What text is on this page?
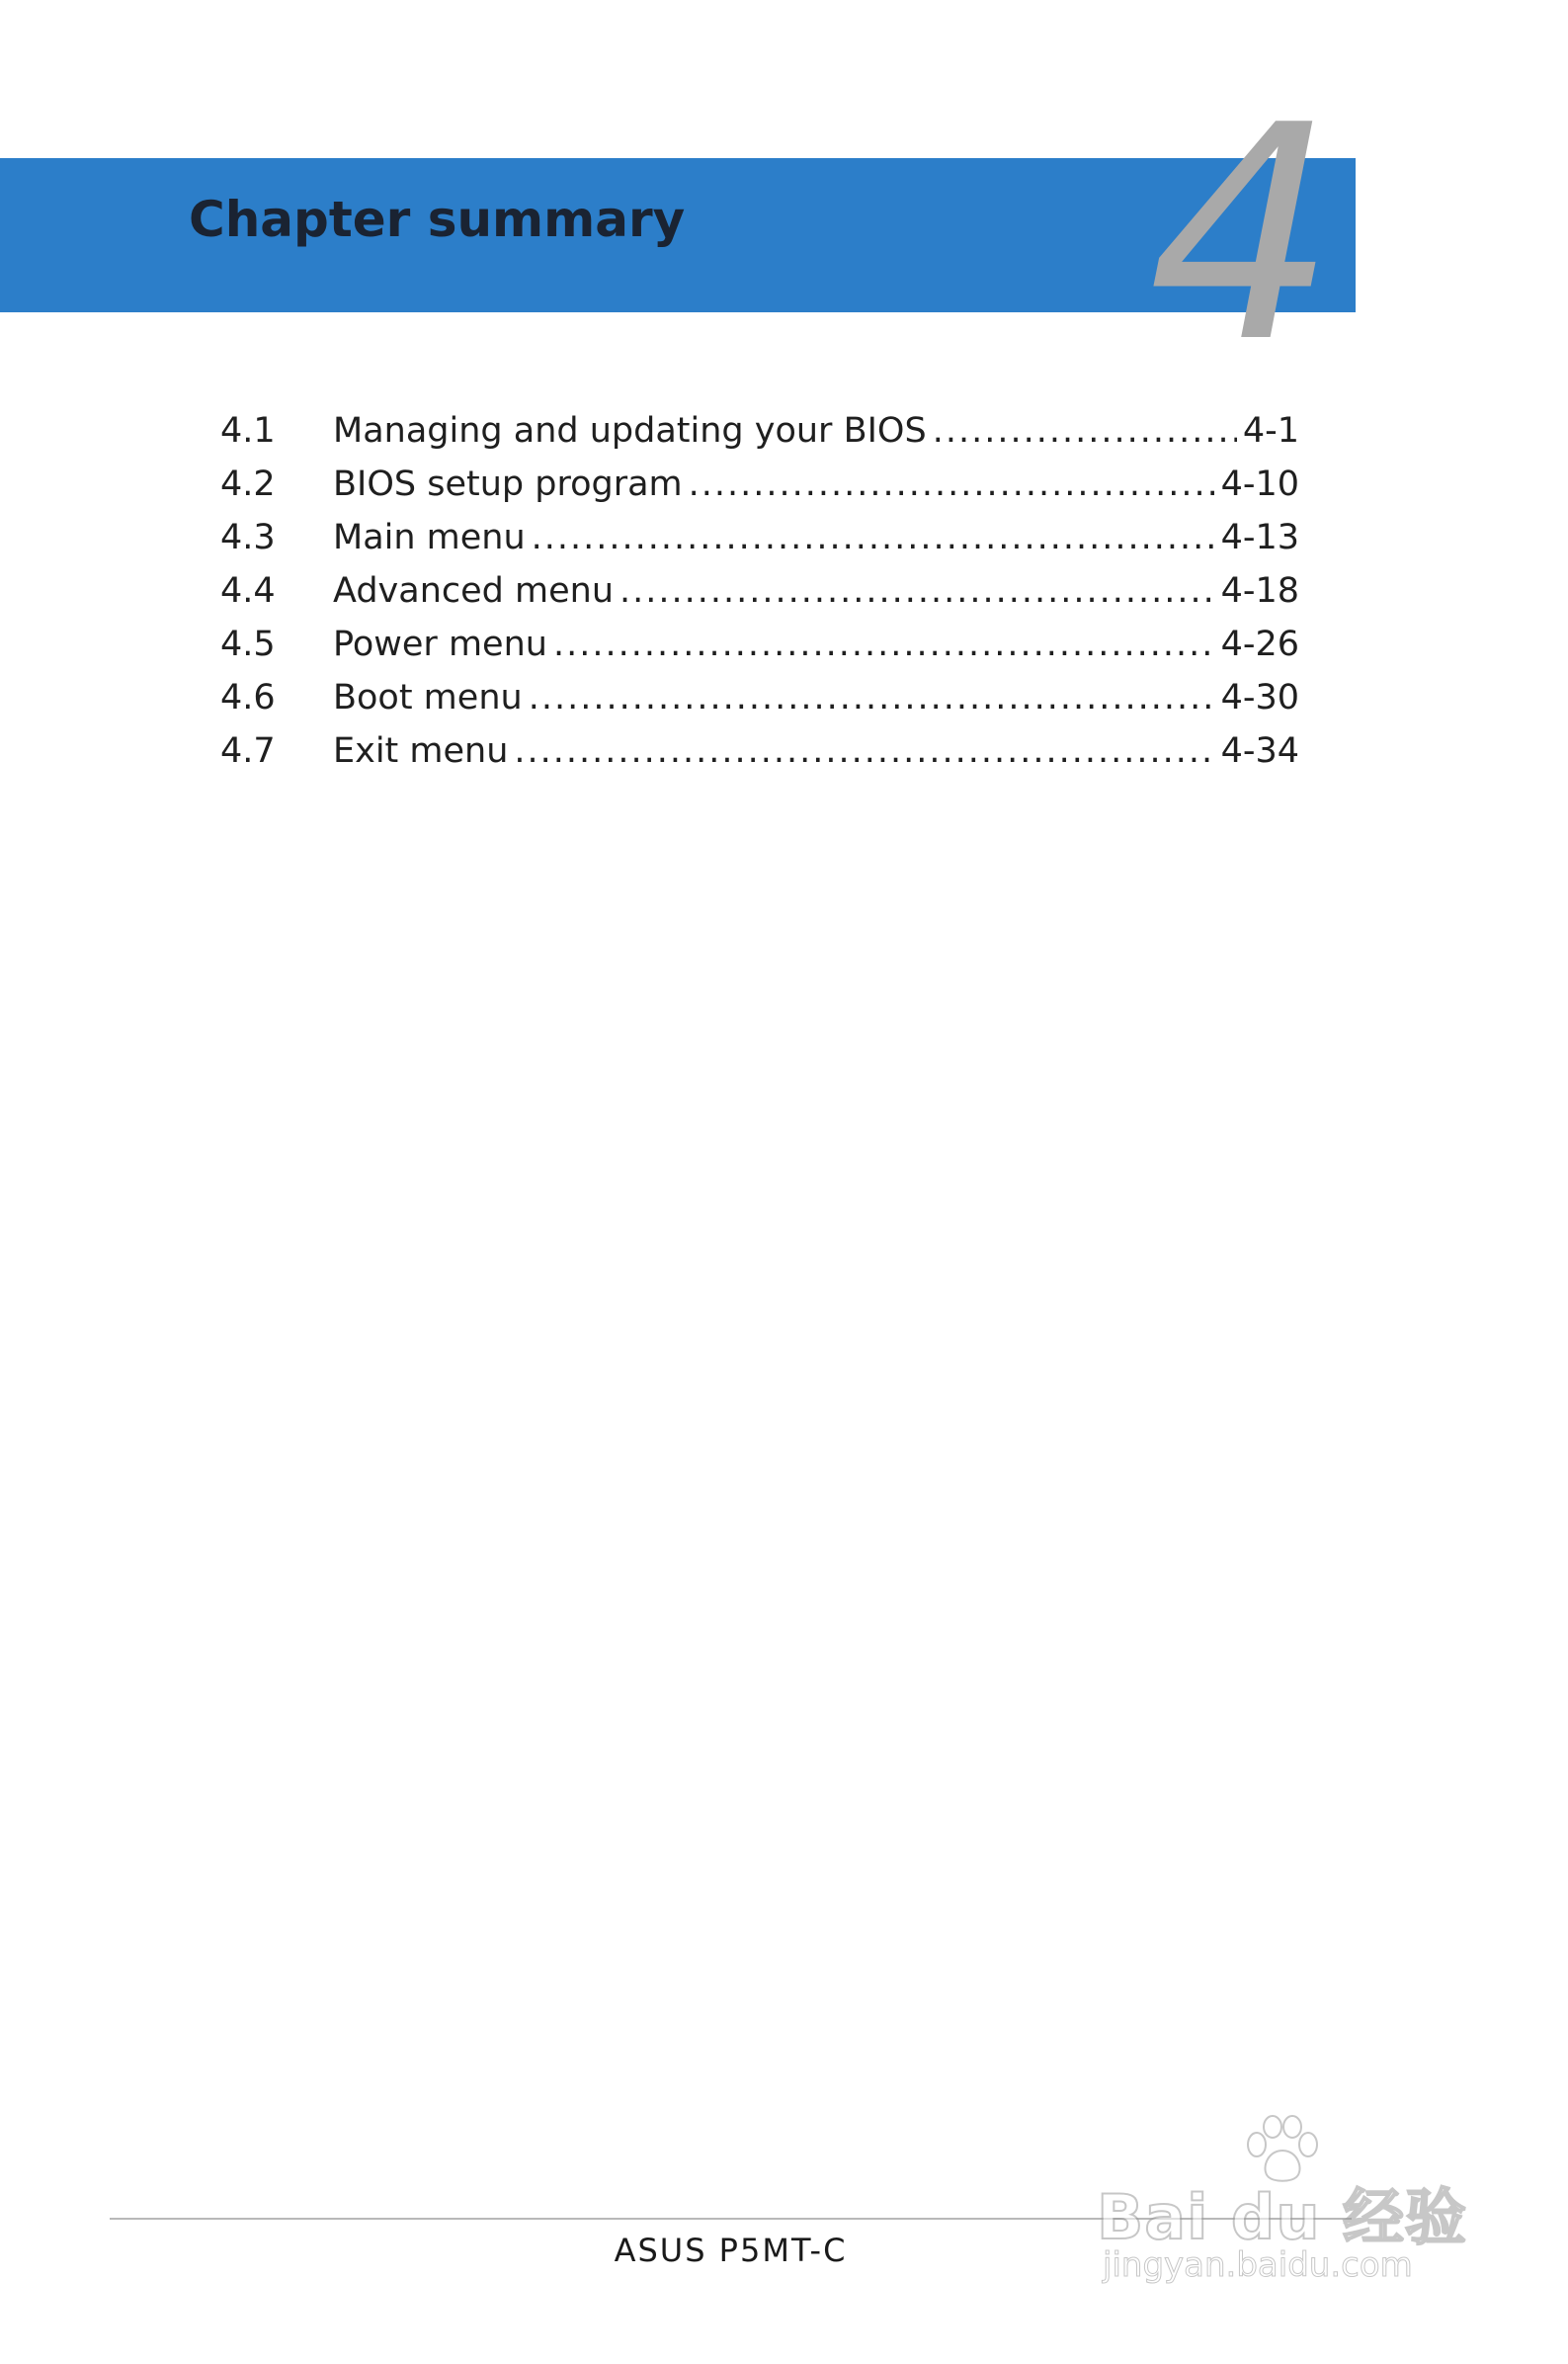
Chapter summary 4
4.1	Managing and updating your BIOS .....	4-1
4.2	BIOS setup program .....	4-10
4.3	Main menu .....	4-13
4.4	Advanced menu .....	4-18
4.5	Power menu .....	4-26
4.6	Boot menu .....	4-30
4.7	Exit menu .....	4-34
ASUS P5MT-C	Bai du 经验
jingyan.baidu.com
